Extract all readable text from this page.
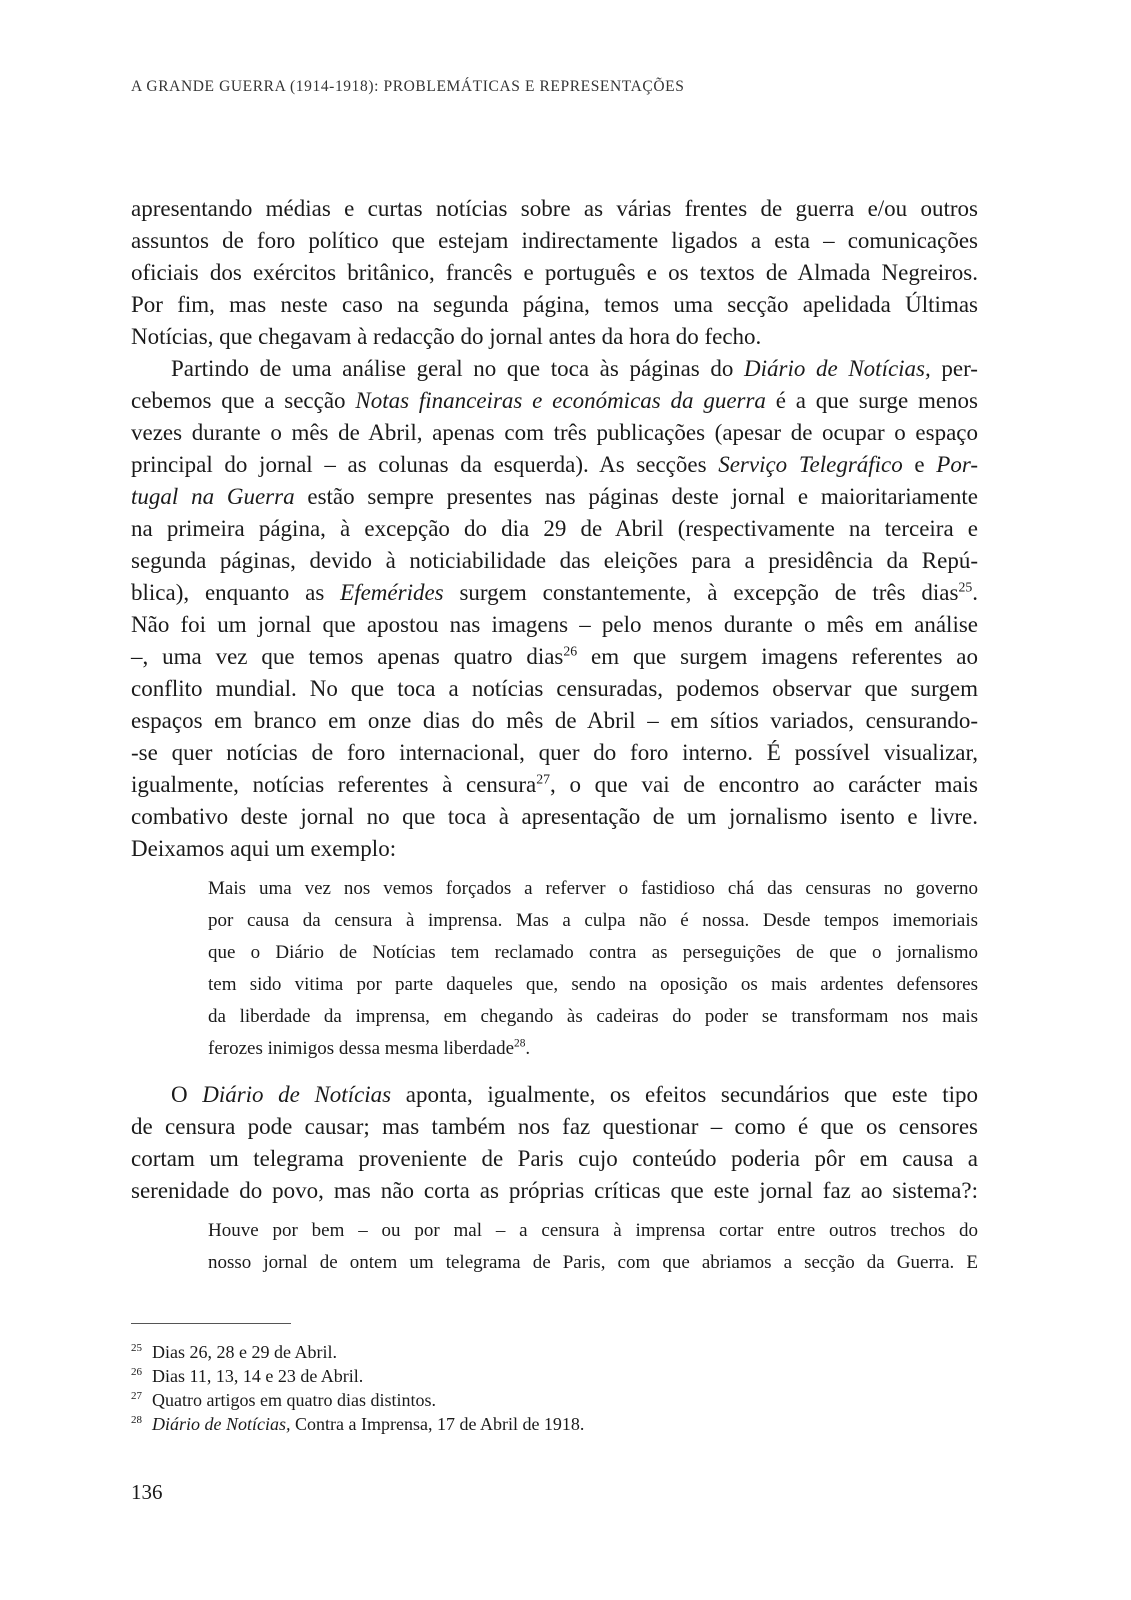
A GRANDE GUERRA (1914-1918): PROBLEMÁTICAS E REPRESENTAÇÕES
apresentando médias e curtas notícias sobre as várias frentes de guerra e/ou outros
assuntos de foro político que estejam indirectamente ligados a esta – comunicações
oficiais dos exércitos britânico, francês e português e os textos de Almada Negreiros.
Por fim, mas neste caso na segunda página, temos uma secção apelidada Últimas
Notícias, que chegavam à redacção do jornal antes da hora do fecho.
Partindo de uma análise geral no que toca às páginas do Diário de Notícias, per-
cebemos que a secção Notas financeiras e económicas da guerra é a que surge menos
vezes durante o mês de Abril, apenas com três publicações (apesar de ocupar o espaço
principal do jornal – as colunas da esquerda). As secções Serviço Telegráfico e Por-
tugal na Guerra estão sempre presentes nas páginas deste jornal e maioritariamente
na primeira página, à excepção do dia 29 de Abril (respectivamente na terceira e
segunda páginas, devido à noticiabilidade das eleições para a presidência da Repú-
blica), enquanto as Efemérides surgem constantemente, à excepção de três dias$^{25}$.
Não foi um jornal que apostou nas imagens – pelo menos durante o mês em análise
–, uma vez que temos apenas quatro dias$^{26}$ em que surgem imagens referentes ao
conflito mundial. No que toca a notícias censuradas, podemos observar que surgem
espaços em branco em onze dias do mês de Abril – em sítios variados, censurando-
-se quer notícias de foro internacional, quer do foro interno. É possível visualizar,
igualmente, notícias referentes à censura$^{27}$, o que vai de encontro ao carácter mais
combativo deste jornal no que toca à apresentação de um jornalismo isento e livre.
Deixamos aqui um exemplo:
Mais uma vez nos vemos forçados a referver o fastidioso chá das censuras no governo
por causa da censura à imprensa. Mas a culpa não é nossa. Desde tempos imemoriais
que o Diário de Notícias tem reclamado contra as perseguições de que o jornalismo
tem sido vitima por parte daqueles que, sendo na oposição os mais ardentes defensores
da liberdade da imprensa, em chegando às cadeiras do poder se transformam nos mais
ferozes inimigos dessa mesma liberdade$^{28}$.
O Diário de Notícias aponta, igualmente, os efeitos secundários que este tipo
de censura pode causar; mas também nos faz questionar – como é que os censores
cortam um telegrama proveniente de Paris cujo conteúdo poderia pôr em causa a
serenidade do povo, mas não corta as próprias críticas que este jornal faz ao sistema?:
Houve por bem – ou por mal – a censura à imprensa cortar entre outros trechos do
nosso jornal de ontem um telegrama de Paris, com que abriamos a secção da Guerra. E
25 Dias 26, 28 e 29 de Abril.
26 Dias 11, 13, 14 e 23 de Abril.
27 Quatro artigos em quatro dias distintos.
28 Diário de Notícias, Contra a Imprensa, 17 de Abril de 1918.
136
